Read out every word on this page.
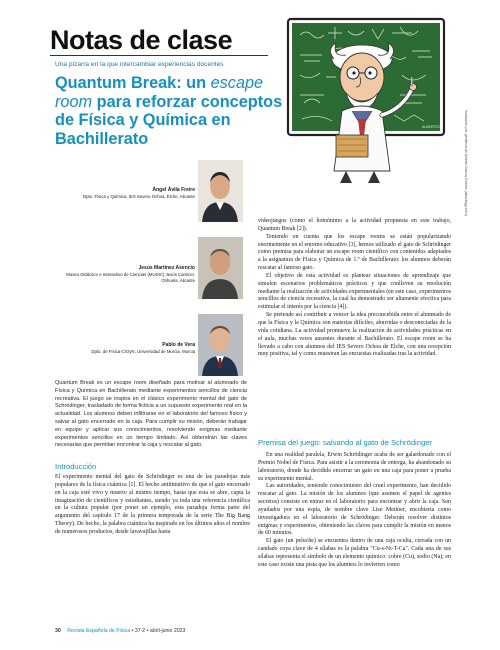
Notas de clase
Una pizarra en la que intercambiar experiencias docentes
Quantum Break: un escape room para reforzar conceptos de Física y Química en Bachillerato
ALBERTOG	Ilustración por gentileza de Alberto García Gómez (albertogg.com)
Ángel Ávila Freire
Dpto. Física y Química, IES Severo Ochoa, Elche, Alicante
Jesús Martínez Asencio
Museo Didáctico e Interactivo de Ciencias (MUDIC) Jesús Camicer, Orihuela, Alicante
Pablo de Vera
Dpto. de Física-CIOyN, Universidad de Murcia, Murcia
Quantum Break es un escape room diseñado para motivar al alumnado de Física y Química en Bachillerato mediante experimentos sencillos de ciencia recreativa. El juego se inspira en el clásico experimento mental del gato de Schrödinger, trasladado de forma ficticia a un supuesto experimento real en la actualidad. Los alumnos deben infiltrarse en el laboratorio del famoso físico y salvar al gato encerrado en la caja. Para cumplir su misión, deberán trabajar en equipo y aplicar sus conocimientos, resolviendo enigmas mediante experimentos sencillos en un tiempo limitado. Así obtendrán las claves necesarias que permitan encontrar la caja y rescatar al gato.
Introducción

El experimento mental del gato de Schrödinger es una de las paradojas más populares de la física cuántica [1]. El hecho antiintuitivo de que el gato encerrado en la caja esté vivo y muerto al mismo tiempo, hasta que esta se abre, capta la imaginación de científicos y estudiantes, siendo ya toda una referencia científica en la cultura popular (por poner un ejemplo, esta paradoja forma parte del argumento del capítulo 17 de la primera temporada de la serie The Big Bang Theory). De hecho, la palabra cuántica ha inspirado en los últimos años el nombre de numerosos productos, desde lavavajillas hasta

videojuegos (como el homónimo a la actividad propuesta en este trabajo, Quantum Break [2]).

Teniendo en cuenta que los escape rooms se están popularizando enormemente en el entorno educativo [3], hemos utilizado el gato de Schrödinger como premisa para elaborar un escape room científico con contenidos adaptados a la asignatura de Física y Química de 1.º de Bachillerato: los alumnos deberán rescatar al famoso gato.

El objetivo de esta actividad es plantear situaciones de aprendizaje que simulen escenarios problemáticos prácticos y que conlleven su resolución mediante la realización de actividades experimentales (en este caso, experimentos sencillos de ciencia recreativa, la cual ha demostrado ser altamente efectiva para estimular el interés por la ciencia [4]).

Se pretende así contribuir a vencer la idea preconcebida entre el alumnado de que la Física y la Química son materias difíciles, aburridas o desconectadas de la vida cotidiana. La actividad promueve la realización de actividades prácticas en el aula, muchas veces ausentes durante el Bachillerato. El escape room se ha llevado a cabo con alumnos del IES Severo Ochoa de Elche, con una recepción muy positiva, tal y como muestran las encuestas realizadas tras la actividad.

Premisa del juego: salvando al gato de Schrödinger

En una realidad paralela, Erwin Schrödinger acaba de ser galardonado con el Premio Nobel de Física. Para asistir a la ceremonia de entrega, ha abandonado su laboratorio, donde ha decidido encerrar un gato en una caja para poner a prueba su experimento mental.

Las autoridades, teniendo conocimiento del cruel experimento, han decidido rescatar al gato. La misión de los alumnos (que asumen el papel de agentes secretos) consiste en entrar en el laboratorio para encontrar y abrir la caja. Son ayudados por una espía, de nombre clave Lise Meitner, encubierta como investigadora en el laboratorio de Schrödinger. Deberán resolver distintos enigmas y experimentos, obteniendo las claves para cumplir la misión en menos de 60 minutos.

El gato (un peluche) se encuentra dentro de una caja oculta, cerrada con un candado cuya clave de 4 sílabas es la palabra "Cu-s-Ni-T-Ca". Cada una de sus sílabas representa el símbolo de un elemento químico: cobre (Cu), sodio (Na); en este caso existe una pista que los alumnos lo invierten como

30 Revista Española de Física • 37-2 • abril-junio 2023
